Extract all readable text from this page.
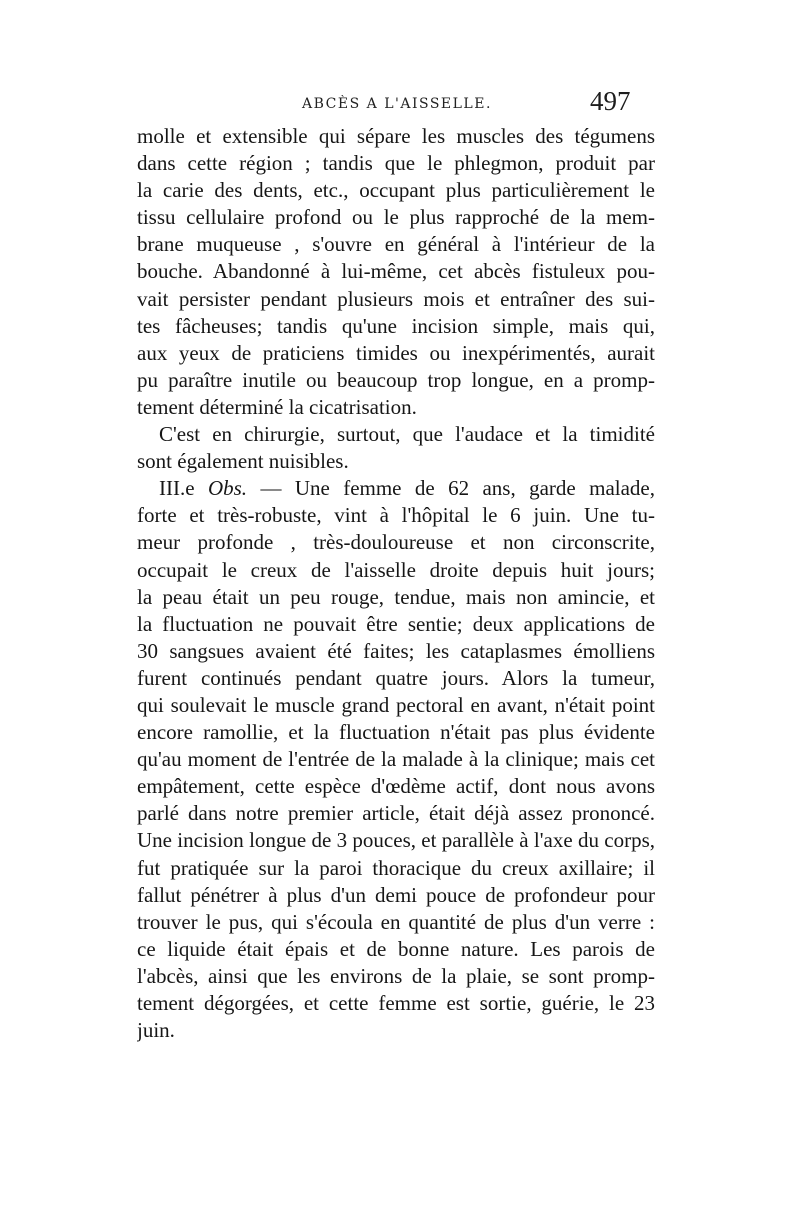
ABCÈS A L'AISSELLE.	497
molle et extensible qui sépare les muscles des tégumens
dans cette région ; tandis que le phlegmon, produit par
la carie des dents, etc., occupant plus particulièrement le
tissu cellulaire profond ou le plus rapproché de la mem-
brane muqueuse , s'ouvre en général à l'intérieur de la
bouche. Abandonné à lui-même, cet abcès fistuleux pou-
vait persister pendant plusieurs mois et entraîner des sui-
tes fâcheuses; tandis qu'une incision simple, mais qui,
aux yeux de praticiens timides ou inexpérimentés, aurait
pu paraître inutile ou beaucoup trop longue, en a promp-
tement déterminé la cicatrisation.
C'est en chirurgie, surtout, que l'audace et la timidité
sont également nuisibles.
III.e Obs. — Une femme de 62 ans, garde malade,
forte et très-robuste, vint à l'hôpital le 6 juin. Une tu-
meur profonde , très-douloureuse et non circonscrite,
occupait le creux de l'aisselle droite depuis huit jours;
la peau était un peu rouge, tendue, mais non amincie, et
la fluctuation ne pouvait être sentie; deux applications de
30 sangsues avaient été faites; les cataplasmes émolliens
furent continués pendant quatre jours. Alors la tumeur,
qui soulevait le muscle grand pectoral en avant, n'était point
encore ramollie, et la fluctuation n'était pas plus évidente
qu'au moment de l'entrée de la malade à la clinique; mais cet
empâtement, cette espèce d'œdème actif, dont nous avons
parlé dans notre premier article, était déjà assez prononcé.
Une incision longue de 3 pouces, et parallèle à l'axe du corps,
fut pratiquée sur la paroi thoracique du creux axillaire; il
fallut pénétrer à plus d'un demi pouce de profondeur pour
trouver le pus, qui s'écoula en quantité de plus d'un verre :
ce liquide était épais et de bonne nature. Les parois de
l'abcès, ainsi que les environs de la plaie, se sont promp-
tement dégorgées, et cette femme est sortie, guérie, le 23
juin.
